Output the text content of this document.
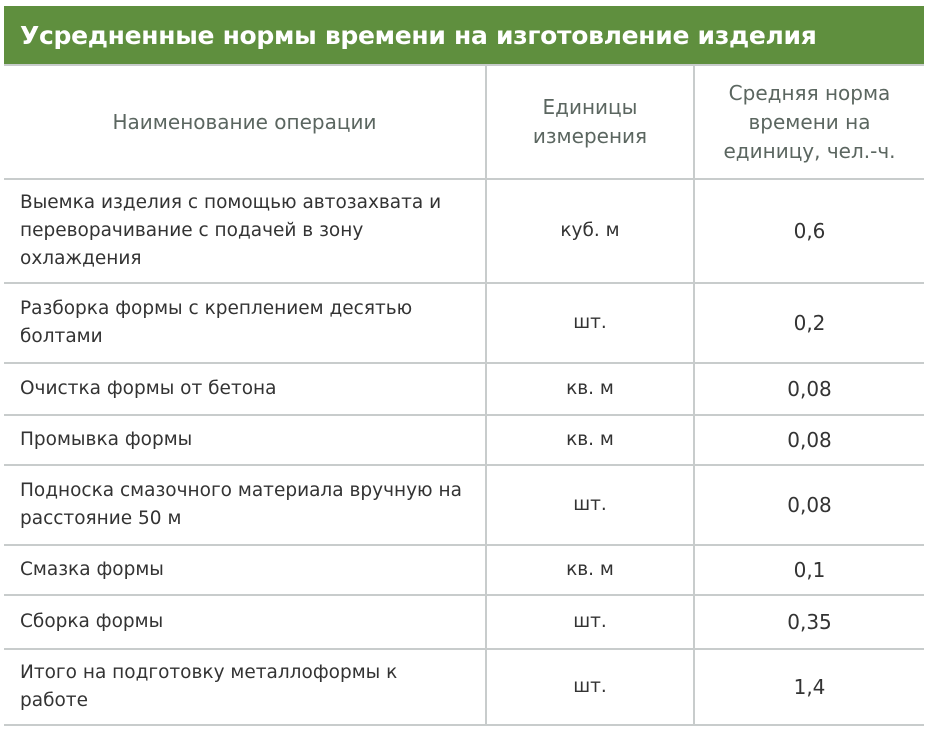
Усредненные нормы времени на изготовление изделия
Наименование операции	Единицы измерения	Средняя норма времени на единицу, чел.-ч.

Выемка изделия с помощью автозахвата и переворачивание с подачей в зону охлаждения	куб. м	0,6
Разборка формы с креплением десятью болтами	шт.	0,2
Очистка формы от бетона	кв. м	0,08
Промывка формы	кв. м	0,08
Подноска смазочного материала вручную на расстояние 50 м	шт.	0,08
Смазка формы	кв. м	0,1
Сборка формы	шт.	0,35
Итого на подготовку металлоформы к работе	шт.	1,4
